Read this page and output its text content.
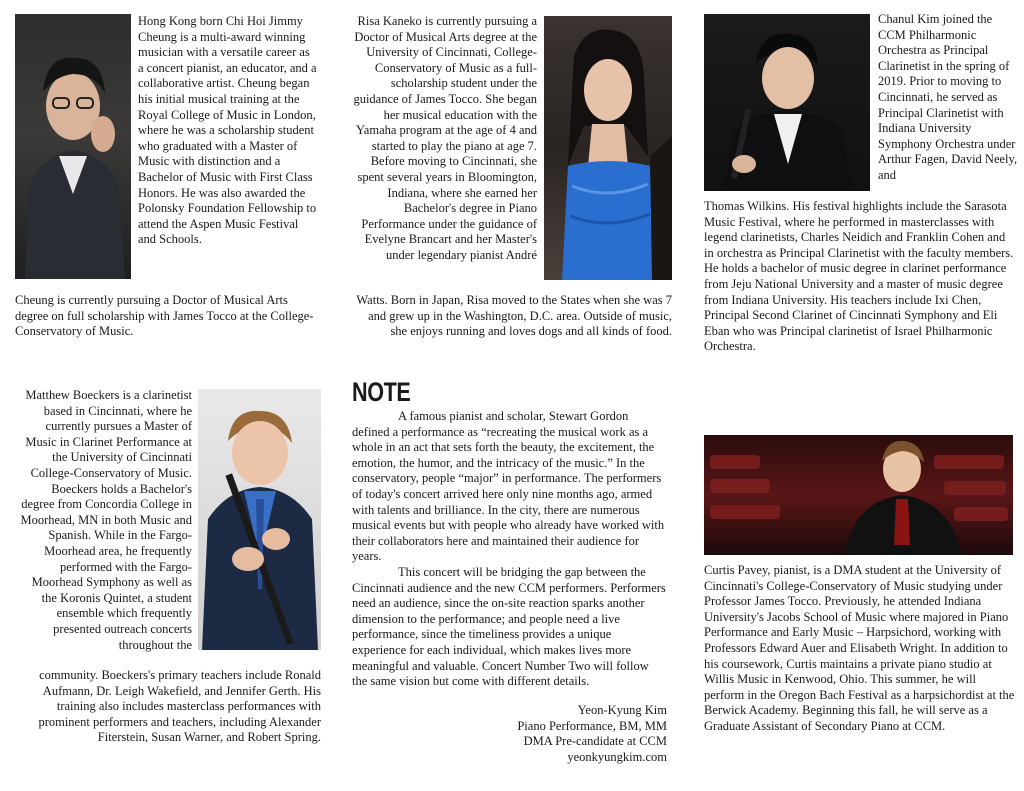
Hong Kong born Chi Hoi Jimmy Cheung is a multi-award winning musician with a versatile career as a concert pianist, an educator, and a collaborative artist. Cheung began his initial musical training at the Royal College of Music in London, where he was a scholarship student who graduated with a Master of Music with distinction and a Bachelor of Music with First Class Honors. He was also awarded the Polonsky Foundation Fellowship to attend the Aspen Music Festival and Schools.
Cheung is currently pursuing a Doctor of Musical Arts degree on full scholarship with James Tocco at the College-Conservatory of Music.
Risa Kaneko is currently pursuing a Doctor of Musical Arts degree at the University of Cincinnati, College-Conservatory of Music as a full-scholarship student under the guidance of James Tocco. She began her musical education with the Yamaha program at the age of 4 and started to play the piano at age 7. Before moving to Cincinnati, she spent several years in Bloomington, Indiana, where she earned her Bachelor's degree in Piano Performance under the guidance of Evelyne Brancart and her Master's under legendary pianist André
Watts. Born in Japan, Risa moved to the States when she was 7 and grew up in the Washington, D.C. area. Outside of music, she enjoys running and loves dogs and all kinds of food.
Chanul Kim joined the CCM Philharmonic Orchestra as Principal Clarinetist in the spring of 2019. Prior to moving to Cincinnati, he served as Principal Clarinetist with Indiana University Symphony Orchestra under Arthur Fagen, David Neely, and
Thomas Wilkins. His festival highlights include the Sarasota Music Festival, where he performed in masterclasses with legend clarinetists, Charles Neidich and Franklin Cohen and in orchestra as Principal Clarinetist with the faculty members. He holds a bachelor of music degree in clarinet performance from Jeju National University and a master of music degree from Indiana University. His teachers include Ixi Chen, Principal Second Clarinet of Cincinnati Symphony and Eli Eban who was Principal clarinetist of Israel Philharmonic Orchestra.
Matthew Boeckers is a clarinetist based in Cincinnati, where he currently pursues a Master of Music in Clarinet Performance at the University of Cincinnati College-Conservatory of Music. Boeckers holds a Bachelor's degree from Concordia College in Moorhead, MN in both Music and Spanish. While in the Fargo-Moorhead area, he frequently performed with the Fargo-Moorhead Symphony as well as the Koronis Quintet, a student ensemble which frequently presented outreach concerts throughout the
community. Boeckers's primary teachers include Ronald Aufmann, Dr. Leigh Wakefield, and Jennifer Gerth. His training also includes masterclass performances with prominent performers and teachers, including Alexander Fiterstein, Susan Warner, and Robert Spring.
NOTE

A famous pianist and scholar, Stewart Gordon defined a performance as “recreating the musical work as a whole in an act that sets forth the beauty, the excitement, the emotion, the humor, and the intricacy of the music.” In the conservatory, people “major” in performance. The performers of today's concert arrived here only nine months ago, armed with talents and brilliance. In the city, there are numerous musical events but with people who already have worked with their collaborators here and maintained their audience for years.

This concert will be bridging the gap between the Cincinnati audience and the new CCM performers. Performers need an audience, since the on-site reaction sparks another dimension to the performance; and people need a live performance, since the timeliness provides a unique experience for each individual, which makes lives more meaningful and valuable. Concert Number Two will follow the same vision but come with different details.

Yeon-Kyung Kim

Piano Performance, BM, MM

DMA Pre-candidate at CCM

yeonkyungkim.com

Curtis Pavey, pianist, is a DMA student at the University of Cincinnati's College-Conservatory of Music studying under Professor James Tocco. Previously, he attended Indiana University's Jacobs School of Music where majored in Piano Performance and Early Music – Harpsichord, working with Professors Edward Auer and Elisabeth Wright. In addition to his coursework, Curtis maintains a private piano studio at Willis Music in Kenwood, Ohio. This summer, he will perform in the Oregon Bach Festival as a harpsichordist at the Berwick Academy. Beginning this fall, he will serve as a Graduate Assistant of Secondary Piano at CCM.
